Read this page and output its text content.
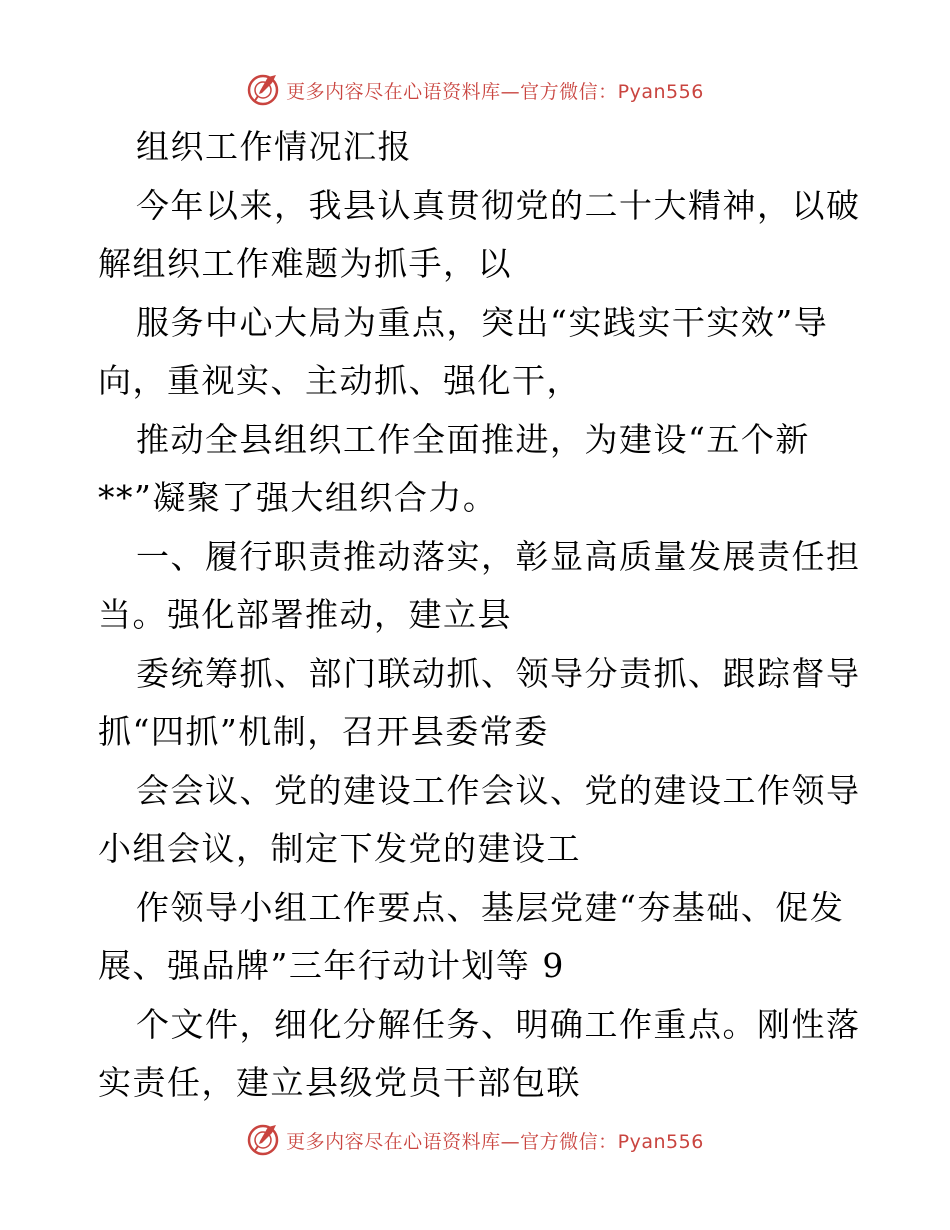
更多内容尽在心语资料库—官方微信：Pyan556
组织工作情况汇报
今年以来，我县认真贯彻党的二十大精神，以破
解组织工作难题为抓手，以
服务中心大局为重点，突出“实践实干实效”导
向，重视实、主动抓、强化干，
推动全县组织工作全面推进，为建设“五个新
**”凝聚了强大组织合力。
一、履行职责推动落实，彰显高质量发展责任担
当。强化部署推动，建立县
委统筹抓、部门联动抓、领导分责抓、跟踪督导
抓“四抓”机制，召开县委常委
会会议、党的建设工作会议、党的建设工作领导
小组会议，制定下发党的建设工
作领导小组工作要点、基层党建“夯基础、促发
展、强品牌”三年行动计划等 9
个文件，细化分解任务、明确工作重点。刚性落
实责任，建立县级党员干部包联
更多内容尽在心语资料库—官方微信：Pyan556
